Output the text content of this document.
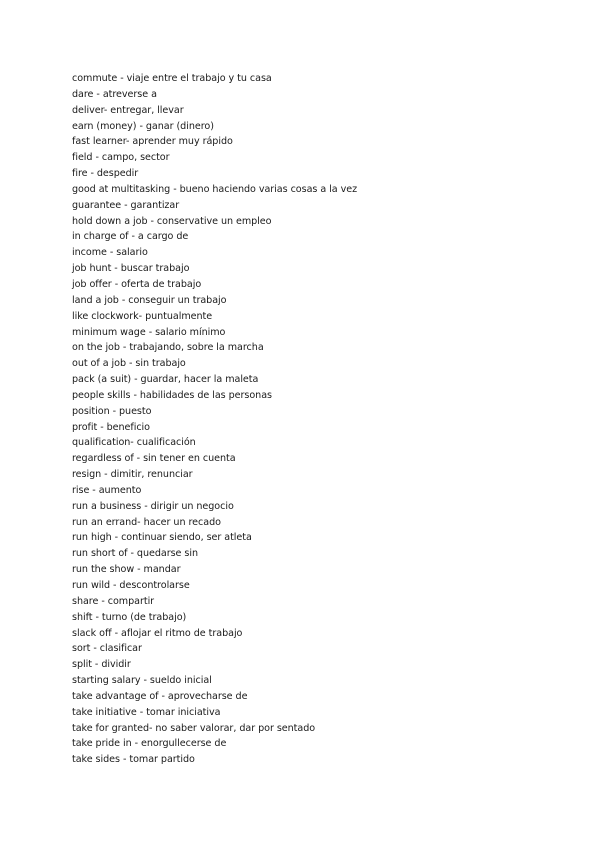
commute - viaje entre el trabajo y tu casa
dare - atreverse a
deliver- entregar, llevar
earn (money) - ganar (dinero)
fast learner- aprender muy rápido
field - campo, sector
fire - despedir
good at multitasking - bueno haciendo varias cosas a la vez
guarantee - garantizar
hold down a job - conservative un empleo
in charge of - a cargo de
income - salario
job hunt - buscar trabajo
job offer - oferta de trabajo
land a job - conseguir un trabajo
like clockwork- puntualmente
minimum wage - salario mínimo
on the job - trabajando, sobre la marcha
out of a job - sin trabajo
pack (a suit) - guardar, hacer la maleta
people skills - habilidades de las personas
position - puesto
profit - beneficio
qualification- cualificación
regardless of - sin tener en cuenta
resign - dimitir, renunciar
rise - aumento
run a business - dirigir un negocio
run an errand- hacer un recado
run high - continuar siendo, ser atleta
run short of - quedarse sin
run the show - mandar
run wild - descontrolarse
share - compartir
shift - turno (de trabajo)
slack off - aflojar el ritmo de trabajo
sort - clasificar
split - dividir
starting salary - sueldo inicial
take advantage of - aprovecharse de
take initiative - tomar iniciativa
take for granted- no saber valorar, dar por sentado
take pride in - enorgullecerse de
take sides - tomar partido
